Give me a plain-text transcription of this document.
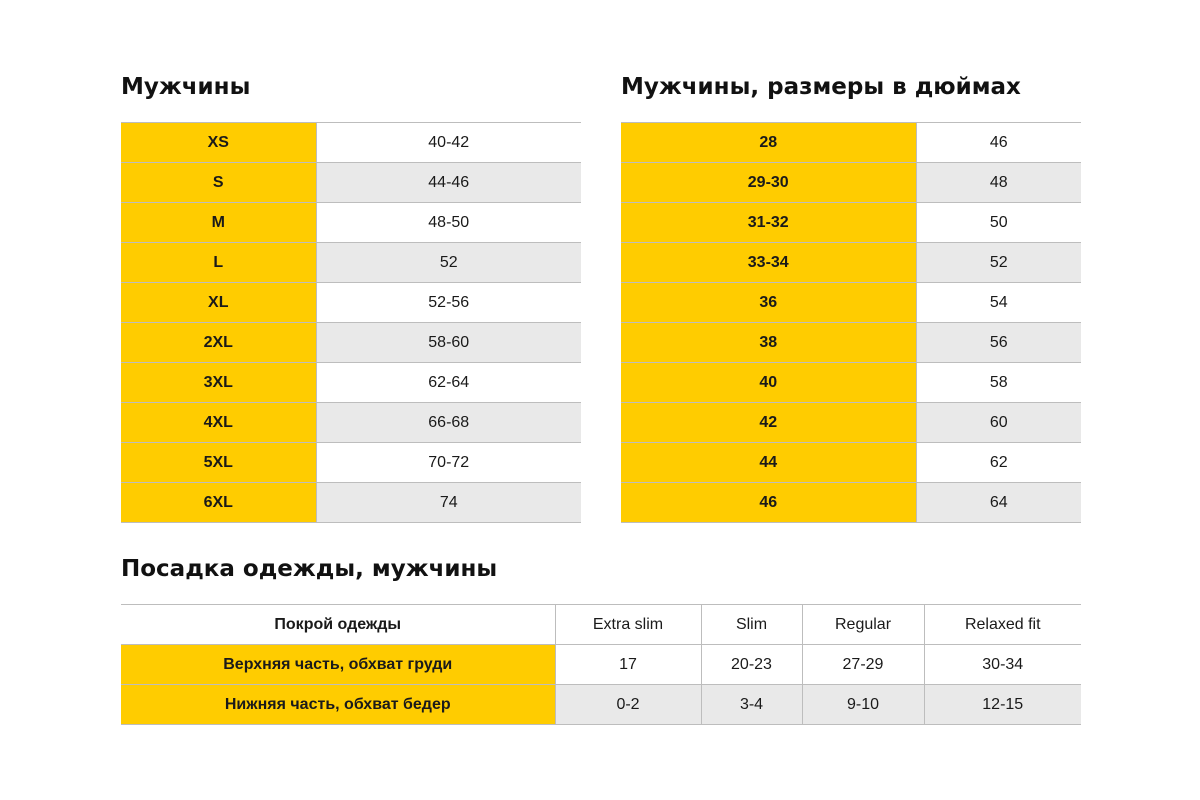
Мужчины	Мужчины, размеры в дюймах
XS	40-42
S	44-46
M	48-50
L	52
XL	52-56
2XL	58-60
3XL	62-64
4XL	66-68
5XL	70-72
6XL	74
28	46
29-30	48
31-32	50
33-34	52
36	54
38	56
40	58
42	60
44	62
46	64
Посадка одежды, мужчины
Покрой одежды	Extra slim	Slim	Regular	Relaxed fit
Верхняя часть, обхват груди	17	20-23	27-29	30-34
Нижняя часть, обхват бедер	0-2	3-4	9-10	12-15
